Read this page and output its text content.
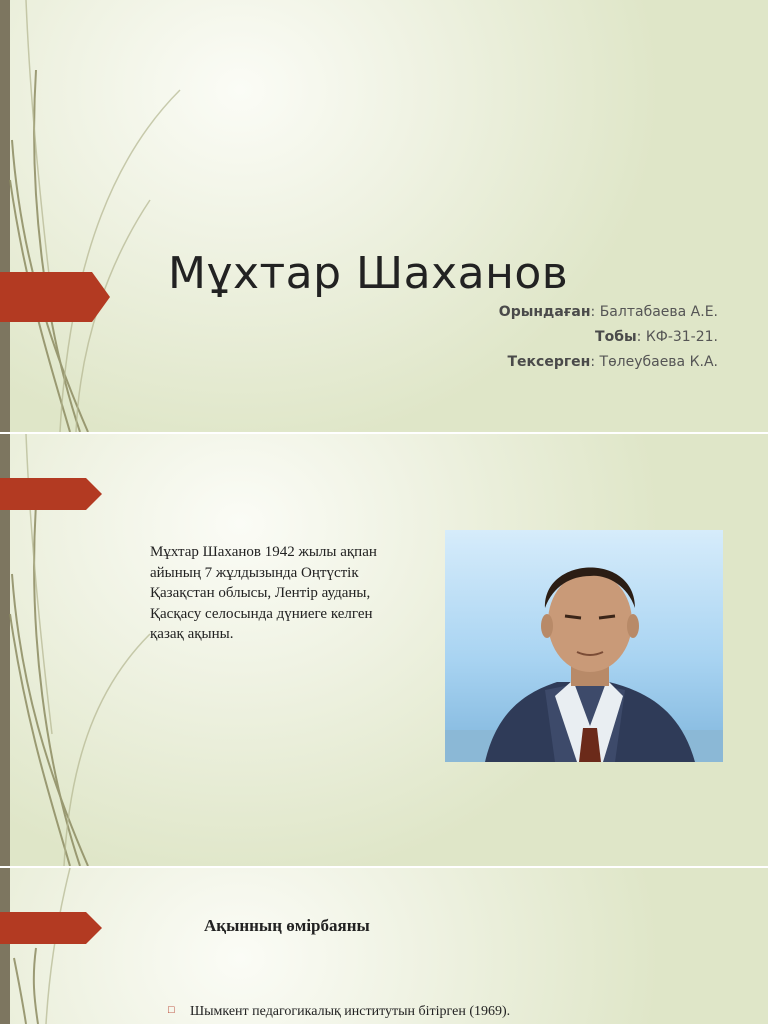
Мұхтар Шаханов
Орындаған: Балтабаева А.Е.
Тобы: КФ-31-21.
Тексерген: Төлеубаева К.А.

Мұхтар Шаханов 1942 жылы ақпан айының 7 жұлдызында Оңтүстік Қазақстан облысы, Лентір ауданы, Қасқасу селосында дүниеге келген қазақ ақыны.

Ақынның өмірбаяны
□ Шымкент педагогикалық институтын бітірген (1969).
